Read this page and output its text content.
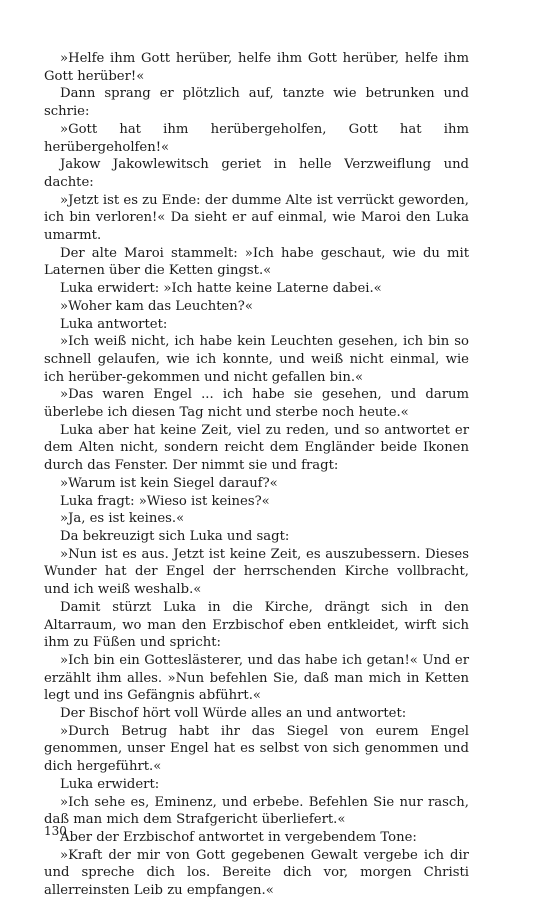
»Helfe ihm Gott herüber, helfe ihm Gott herüber, helfe ihm Gott herüber!«

Dann sprang er plötzlich auf, tanzte wie betrunken und schrie:

»Gott hat ihm herübergeholfen, Gott hat ihm herübergeholfen!«

Jakow Jakowlewitsch geriet in helle Verzweiflung und dachte:

»Jetzt ist es zu Ende: der dumme Alte ist verrückt geworden, ich bin verloren!« Da sieht er auf einmal, wie Maroi den Luka umarmt.

Der alte Maroi stammelt: »Ich habe geschaut, wie du mit Laternen über die Ketten gingst.«

Luka erwidert: »Ich hatte keine Laterne dabei.«

»Woher kam das Leuchten?«

Luka antwortet:

»Ich weiß nicht, ich habe kein Leuchten gesehen, ich bin so schnell gelaufen, wie ich konnte, und weiß nicht einmal, wie ich herüber-gekommen und nicht gefallen bin.«

»Das waren Engel ... ich habe sie gesehen, und darum überlebe ich diesen Tag nicht und sterbe noch heute.«

Luka aber hat keine Zeit, viel zu reden, und so antwortet er dem Alten nicht, sondern reicht dem Engländer beide Ikonen durch das Fenster. Der nimmt sie und fragt:

»Warum ist kein Siegel darauf?«

Luka fragt: »Wieso ist keines?«

»Ja, es ist keines.«

Da bekreuzigt sich Luka und sagt:

»Nun ist es aus. Jetzt ist keine Zeit, es auszubessern. Dieses Wunder hat der Engel der herrschenden Kirche vollbracht, und ich weiß weshalb.«

Damit stürzt Luka in die Kirche, drängt sich in den Altarraum, wo man den Erzbischof eben entkleidet, wirft sich ihm zu Füßen und spricht:

»Ich bin ein Gotteslästerer, und das habe ich getan!« Und er erzählt ihm alles. »Nun befehlen Sie, daß man mich in Ketten legt und ins Gefängnis abführt.«

Der Bischof hört voll Würde alles an und antwortet:

»Durch Betrug habt ihr das Siegel von eurem Engel genommen, unser Engel hat es selbst von sich genommen und dich hergeführt.«

Luka erwidert:

»Ich sehe es, Eminenz, und erbebe. Befehlen Sie nur rasch, daß man mich dem Strafgericht überliefert.«

Aber der Erzbischof antwortet in vergebendem Tone:

»Kraft der mir von Gott gegebenen Gewalt vergebe ich dir und spreche dich los. Bereite dich vor, morgen Christi allerreinsten Leib zu empfangen.«

130
